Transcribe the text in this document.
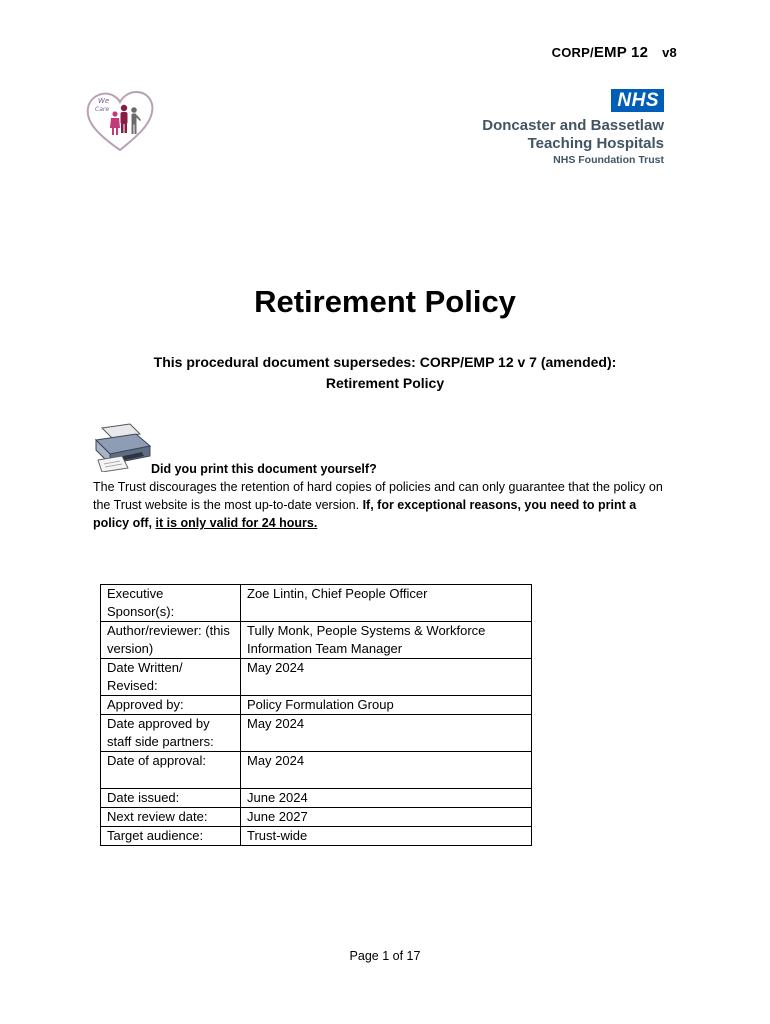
CORP/EMP 12 v8
We
Care	NHS
Doncaster and Bassetlaw
Teaching Hospitals
NHS Foundation Trust
Retirement Policy
This procedural document supersedes: CORP/EMP 12 v 7 (amended):
Retirement Policy
Did you print this document yourself?
The Trust discourages the retention of hard copies of policies and can only guarantee that the policy on the Trust website is the most up-to-date version. If, for exceptional reasons, you need to print a policy off, it is only valid for 24 hours.
Executive Sponsor(s):	Zoe Lintin, Chief People Officer
Author/reviewer: (this version)	Tully Monk, People Systems & Workforce Information Team Manager
Date Written/ Revised:	May 2024
Approved by:	Policy Formulation Group
Date approved by staff side partners:	May 2024
Date of approval:	May 2024
Date issued:	June 2024
Next review date:	June 2027
Target audience:	Trust-wide
Page 1 of 17
